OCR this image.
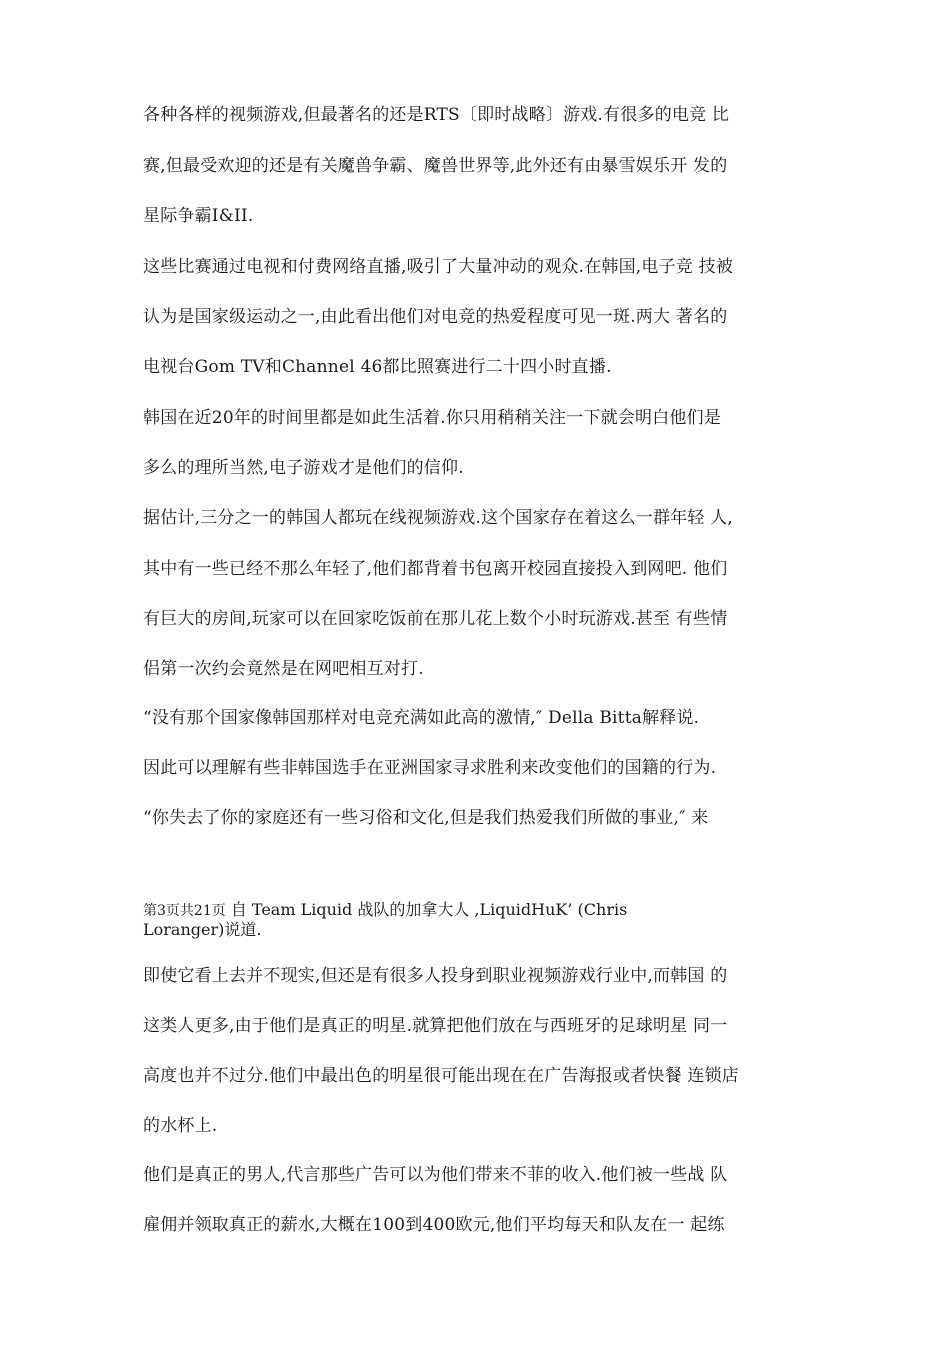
各种各样的视频游戏,但最著名的还是RTS〔即时战略〕游戏.有很多的电竞 比
赛,但最受欢迎的还是有关魔兽争霸、魔兽世界等,此外还有由暴雪娱乐开 发的
星际争霸I&II.
这些比赛通过电视和付费网络直播,吸引了大量冲动的观众.在韩国,电子竞 技被
认为是国家级运动之一,由此看出他们对电竞的热爱程度可见一斑.两大 著名的
电视台Gom TV和Channel 46都比照赛进行二十四小时直播.
韩国在近20年的时间里都是如此生活着.你只用稍稍关注一下就会明白他们是
多么的理所当然,电子游戏才是他们的信仰.
据估计,三分之一的韩国人都玩在线视频游戏.这个国家存在着这么一群年轻 人,
其中有一些已经不那么年轻了,他们都背着书包离开校园直接投入到网吧. 他们
有巨大的房间,玩家可以在回家吃饭前在那儿花上数个小时玩游戏.甚至 有些情
侣第一次约会竟然是在网吧相互对打.
“没有那个国家像韩国那样对电竞充满如此高的激情,″ Della Bitta解释说.
因此可以理解有些非韩国选手在亚洲国家寻求胜利来改变他们的国籍的行为.
“你失去了你的家庭还有一些习俗和文化,但是我们热爱我们所做的事业,″ 来
第3页共21页 自 Team Liquid 战队的加拿大人 ,LiquidHuK’ (Chris
Loranger)说道.
即使它看上去并不现实,但还是有很多人投身到职业视频游戏行业中,而韩国 的
这类人更多,由于他们是真正的明星.就算把他们放在与西班牙的足球明星 同一
高度也并不过分.他们中最出色的明星很可能出现在在广告海报或者快餐 连锁店
的水杯上.
他们是真正的男人,代言那些广告可以为他们带来不菲的收入.他们被一些战 队
雇佣并领取真正的薪水,大概在100到400欧元,他们平均每天和队友在一 起练
